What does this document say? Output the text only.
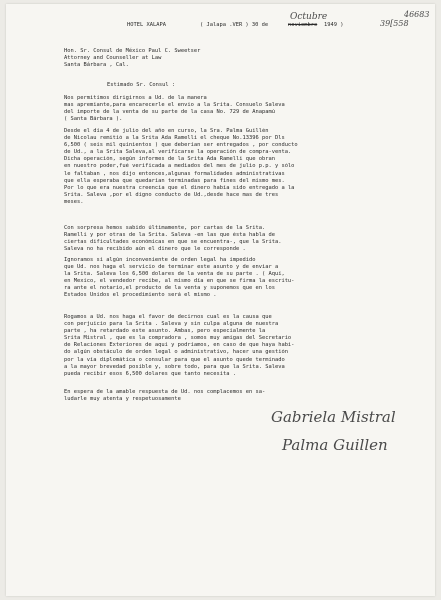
46683
39[558
HOTEL XALAPA	( Jalapa .VER ) 30 de	noviembre
Octubre
1949 )
Hon. Sr. Consul de México Paul C. Sweetser
Attorney and Counseller at Law
Santa Bárbara , Cal.
Estimado Sr. Consul :
Nos permitimos dirigirnos a Ud. de la manera
mas apremiante,para encarecerle el envio a la Srita. Consuelo Saleva
del importe de la venta de su parte de la casa No. 729 de Anapamú
( Santa Bárbara ).
Desde el día 4 de julio del año en curso, la Sra. Palma Guillén
de Nicolau remitió a la Srita Ada Ramelli el cheque No.13396 por Dls
6,500 ( seis mil quinientos ) que deberían ser entregados , por conducto
de Ud., a la Srita Saleva,al verificarse la operación de compra-venta.
Dicha operación, según informes de la Srita Ada Ramelli que obran
en nuestro poder,fué verificada a mediados del mes de julio p.p. y sólo
le faltaban , nos dijo entonces,algunas formalidades administrativas
que ella esperaba que quedarían terminadas para fines del mismo mes.
Por lo que era nuestra creencia que el dinero había sido entregado a la
Srita. Saleva ,por el digno conducto de Ud.,desde hace mas de tres
meses.
Con sorpresa hemos sabido últimamente, por cartas de la Srita.
Ramelli y por otras de la Srita. Saleva -en las que ésta habla de
ciertas dificultades económicas en que se encuentra-, que la Srita.
Saleva no ha recibido aún el dinero que le corresponde .
Ignoramos si algún inconveniente de orden legal ha impedido
que Ud. nos haga el servicio de terminar este asunto y de enviar a
la Srita. Saleva los 6,500 dolares de la venta de su parte . ( Aquí,
en Mexico, el vendedor recibe, al mismo día en que se firma la escritu-
ra ante el notario,el producto de la venta y suponemos que en los
Estados Unidos el procedimiento será el mismo .
Rogamos a Ud. nos haga el favor de decirnos cual es la causa que
con perjuicio para la Srita . Saleva y sin culpa alguna de nuestra
parte , ha retardado este asunto. Ambas, pero especialmente la
Srita Mistral , que es la compradora , somos muy amigas del Secretario
de Relaciones Exteriores de aquí y podríamos, en caso de que haya habi-
do algún obstáculo de orden legal o administrativo, hacer una gestión
por la vía diplomática o consular para que el asunto quede terminado
a la mayor brevedad posible y, sobre todo, para que la Srita. Saleva
pueda recibir esos 6,500 dolares que tanto necesita .
En espera de la amable respuesta de Ud. nos complacemos en sa-
ludarle muy atenta y respetuosamente
Gabriela Mistral
Palma Guillen
